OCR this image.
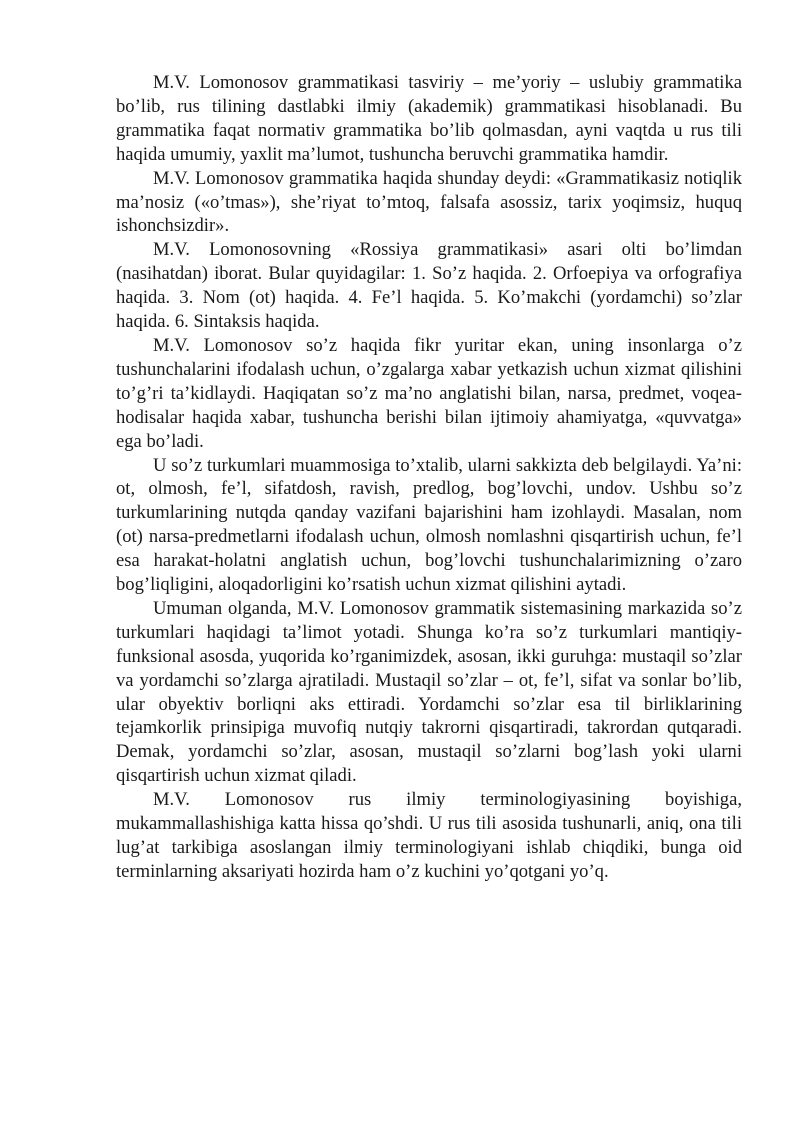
M.V. Lomonosov grammatikasi tasviriy – me’yoriy – uslubiy grammatika bo’lib, rus tilining dastlabki ilmiy (akademik) grammatikasi hisoblanadi. Bu grammatika faqat normativ grammatika bo’lib qolmasdan, ayni vaqtda u rus tili haqida umumiy, yaxlit ma’lumot, tushuncha beruvchi grammatika hamdir.

M.V. Lomonosov grammatika haqida shunday deydi: «Grammatikasiz notiqlik ma’nosiz («o’tmas»), she’riyat to’mtoq, falsafa asossiz, tarix yoqimsiz, huquq ishonchsizdir».

M.V. Lomonosovning «Rossiya grammatikasi» asari olti bo’limdan (nasihatdan) iborat. Bular quyidagilar: 1. So’z haqida. 2. Orfoepiya va orfografiya haqida. 3. Nom (ot) haqida. 4. Fe’l haqida. 5. Ko’makchi (yordamchi) so’zlar haqida. 6. Sintaksis haqida.

M.V. Lomonosov so’z haqida fikr yuritar ekan, uning insonlarga o’z tushunchalarini ifodalash uchun, o’zgalarga xabar yetkazish uchun xizmat qilishini to’g’ri ta’kidlaydi. Haqiqatan so’z ma’no anglatishi bilan, narsa, predmet, voqea-hodisalar haqida xabar, tushuncha berishi bilan ijtimoiy ahamiyatga, «quvvatga» ega bo’ladi.

U so’z turkumlari muammosiga to’xtalib, ularni sakkizta deb belgilaydi. Ya’ni: ot, olmosh, fe’l, sifatdosh, ravish, predlog, bog’lovchi, undov. Ushbu so’z turkumlarining nutqda qanday vazifani bajarishini ham izohlaydi. Masalan, nom (ot) narsa-predmetlarni ifodalash uchun, olmosh nomlashni qisqartirish uchun, fe’l esa harakat-holatni anglatish uchun, bog’lovchi tushunchalarimizning o’zaro bog’liqligini, aloqadorligini ko’rsatish uchun xizmat qilishini aytadi.

Umuman olganda, M.V. Lomonosov grammatik sistemasining markazida so’z turkumlari haqidagi ta’limot yotadi. Shunga ko’ra so’z turkumlari mantiqiy-funksional asosda, yuqorida ko’rganimizdek, asosan, ikki guruhga: mustaqil so’zlar va yordamchi so’zlarga ajratiladi. Mustaqil so’zlar – ot, fe’l, sifat va sonlar bo’lib, ular obyektiv borliqni aks ettiradi. Yordamchi so’zlar esa til birliklarining tejamkorlik prinsipiga muvofiq nutqiy takrorni qisqartiradi, takrordan qutqaradi. Demak, yordamchi so’zlar, asosan, mustaqil so’zlarni bog’lash yoki ularni qisqartirish uchun xizmat qiladi.

M.V. Lomonosov rus ilmiy terminologiyasining boyishiga, mukammallashishiga katta hissa qo’shdi. U rus tili asosida tushunarli, aniq, ona tili lug’at tarkibiga asoslangan ilmiy terminologiyani ishlab chiqdiki, bunga oid terminlarning aksariyati hozirda ham o’z kuchini yo’qotgani yo’q.
